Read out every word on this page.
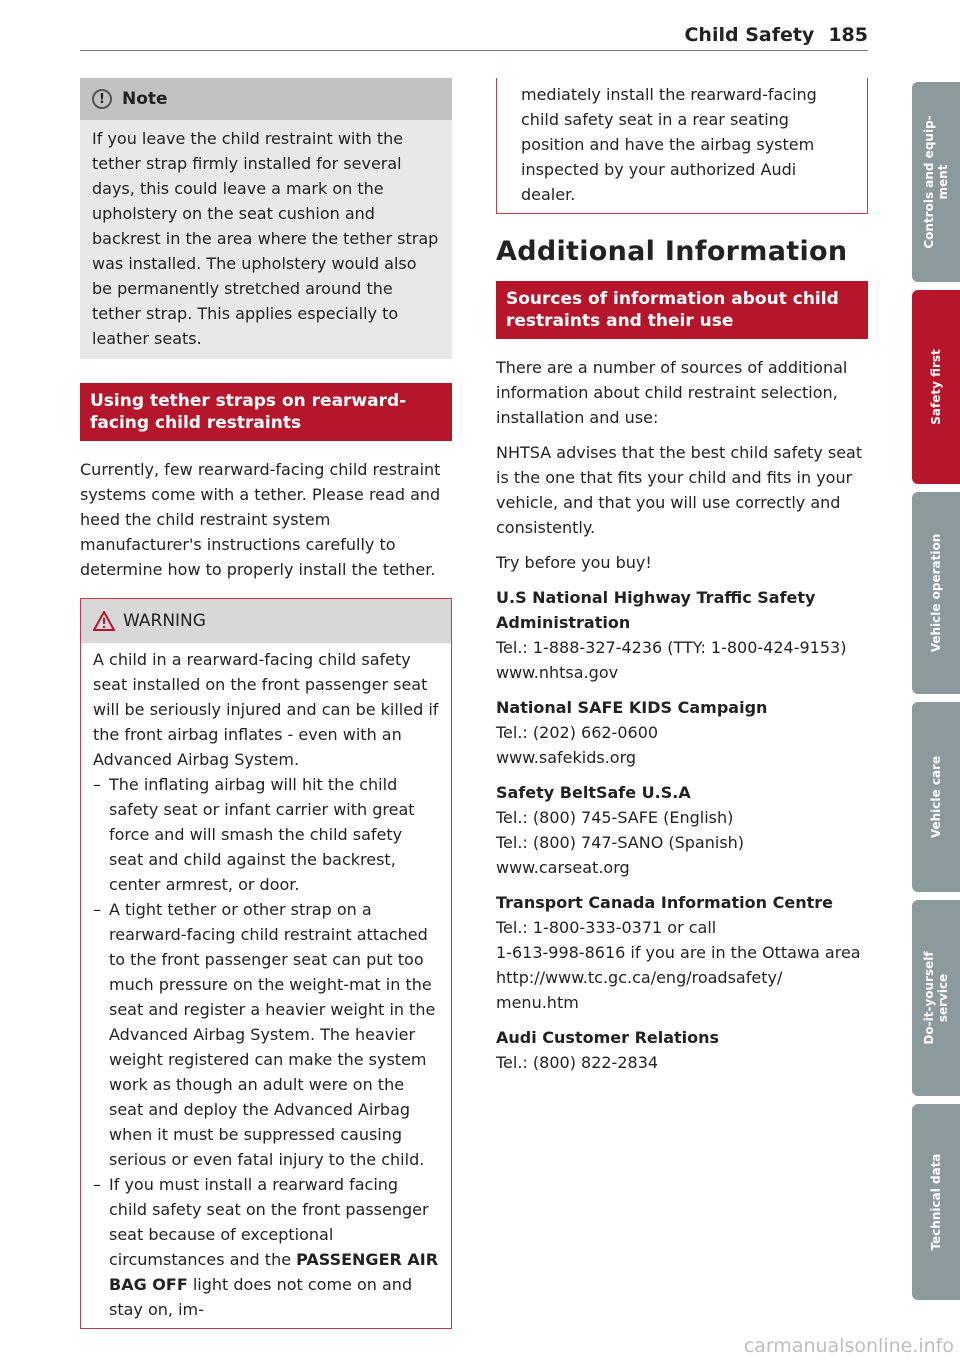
Child Safety 185
!	Note

If you leave the child restraint with the tether strap firmly installed for several days, this could leave a mark on the upholstery on the seat cushion and backrest in the area where the tether strap was installed. The upholstery would also be permanently stretched around the tether strap. This applies especially to leather seats.

Using tether straps on rearward-facing child restraints

Currently, few rearward-facing child restraint systems come with a tether. Please read and heed the child restraint system manufacturer's instructions carefully to determine how to properly install the tether.

WARNING

A child in a rearward-facing child safety seat installed on the front passenger seat will be seriously injured and can be killed if the front airbag inflates - even with an Advanced Airbag System.

– The inflating airbag will hit the child safety seat or infant carrier with great force and will smash the child safety seat and child against the backrest, center armrest, or door.
– A tight tether or other strap on a rearward-facing child restraint attached to the front passenger seat can put too much pressure on the weight-mat in the seat and register a heavier weight in the Advanced Airbag System. The heavier weight registered can make the system work as though an adult were on the seat and deploy the Advanced Airbag when it must be suppressed causing serious or even fatal injury to the child.
– If you must install a rearward facing child safety seat on the front passenger seat because of exceptional circumstances and the PASSENGER AIR BAG OFF light does not come on and stay on, im-

mediately install the rearward-facing child safety seat in a rear seating position and have the airbag system inspected by your authorized Audi dealer.

Additional Information
Sources of information about child restraints and their use

There are a number of sources of additional information about child restraint selection, installation and use:

NHTSA advises that the best child safety seat is the one that fits your child and fits in your vehicle, and that you will use correctly and consistently.

Try before you buy!

U.S National Highway Traffic Safety Administration

Tel.: 1-888-327-4236 (TTY: 1-800-424-9153)

www.nhtsa.gov

National SAFE KIDS Campaign

Tel.: (202) 662-0600

www.safekids.org

Safety BeltSafe U.S.A

Tel.: (800) 745-SAFE (English)

Tel.: (800) 747-SANO (Spanish)

www.carseat.org

Transport Canada Information Centre

Tel.: 1-800-333-0371 or call

1-613-998-8616 if you are in the Ottawa area

http://www.tc.gc.ca/eng/roadsafety/

menu.htm

Audi Customer Relations

Tel.: (800) 822-2834

Controls and equip-
ment
Safety first
Vehicle operation
Vehicle care
Do-it-yourself
service
Technical data
carmanualsonline.info
